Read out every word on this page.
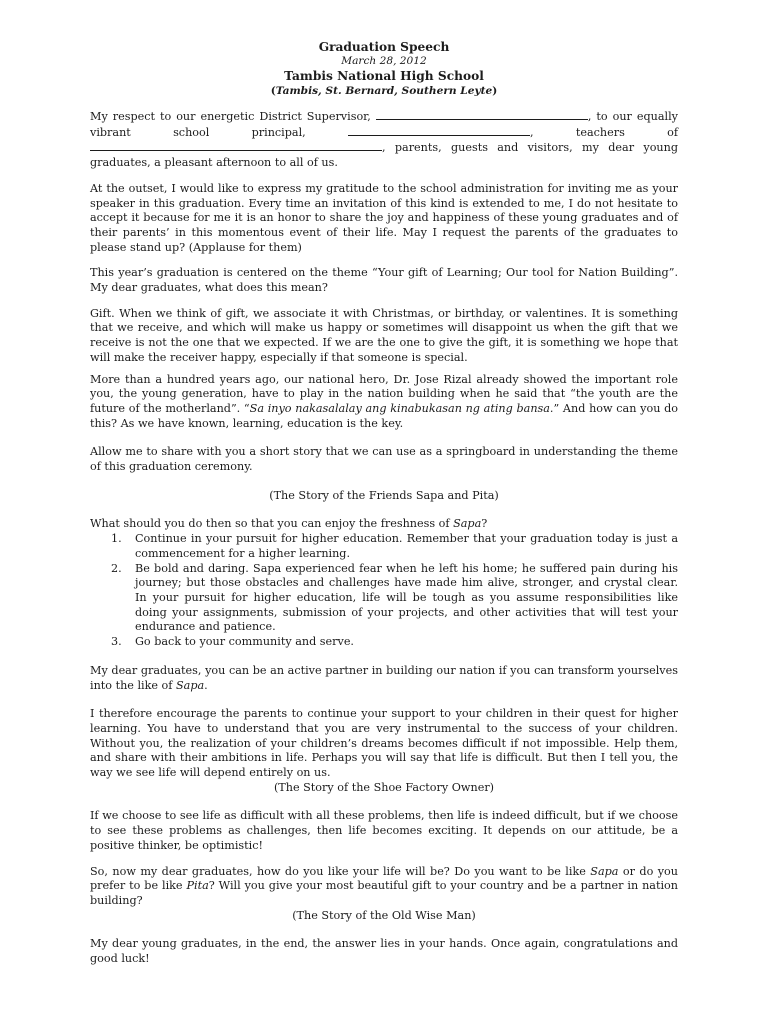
Graduation Speech
March 28, 2012
Tambis National High School
(Tambis, St. Bernard, Southern Leyte)

My respect to our energetic District Supervisor,	, to our equally vibrant school principal,	, teachers of , parents, guests and visitors, my dear young graduates, a pleasant afternoon to all of us.

At the outset, I would like to express my gratitude to the school administration for inviting me as your speaker in this graduation. Every time an invitation of this kind is extended to me, I do not hesitate to accept it because for me it is an honor to share the joy and happiness of these young graduates and of their parents’ in this momentous event of their life. May I request the parents of the graduates to please stand up? (Applause for them)

This year’s graduation is centered on the theme “Your gift of Learning; Our tool for Nation Building”. My dear graduates, what does this mean?

Gift. When we think of gift, we associate it with Christmas, or birthday, or valentines. It is something that we receive, and which will make us happy or sometimes will disappoint us when the gift that we receive is not the one that we expected. If we are the one to give the gift, it is something we hope that will make the receiver happy, especially if that someone is special.

More than a hundred years ago, our national hero, Dr. Jose Rizal already showed the important role you, the young generation, have to play in the nation building when he said that “the youth are the future of the motherland”. “Sa inyo nakasalalay ang kinabukasan ng ating bansa.” And how can you do this? As we have known, learning, education is the key.

Allow me to share with you a short story that we can use as a springboard in understanding the theme of this graduation ceremony.

(The Story of the Friends Sapa and Pita)

What should you do then so that you can enjoy the freshness of Sapa?

1. Continue in your pursuit for higher education. Remember that your graduation today is just a commencement for a higher learning.
2. Be bold and daring. Sapa experienced fear when he left his home; he suffered pain during his journey; but those obstacles and challenges have made him alive, stronger, and crystal clear. In your pursuit for higher education, life will be tough as you assume responsibilities like doing your assignments, submission of your projects, and other activities that will test your endurance and patience.
3. Go back to your community and serve.

My dear graduates, you can be an active partner in building our nation if you can transform yourselves into the like of Sapa.

I therefore encourage the parents to continue your support to your children in their quest for higher learning. You have to understand that you are very instrumental to the success of your children. Without you, the realization of your children’s dreams becomes difficult if not impossible. Help them, and share with their ambitions in life. Perhaps you will say that life is difficult. But then I tell you, the way we see life will depend entirely on us.

(The Story of the Shoe Factory Owner)

If we choose to see life as difficult with all these problems, then life is indeed difficult, but if we choose to see these problems as challenges, then life becomes exciting. It depends on our attitude, be a positive thinker, be optimistic!

So, now my dear graduates, how do you like your life will be? Do you want to be like Sapa or do you prefer to be like Pita? Will you give your most beautiful gift to your country and be a partner in nation building?

(The Story of the Old Wise Man)

My dear young graduates, in the end, the answer lies in your hands. Once again, congratulations and good luck!
